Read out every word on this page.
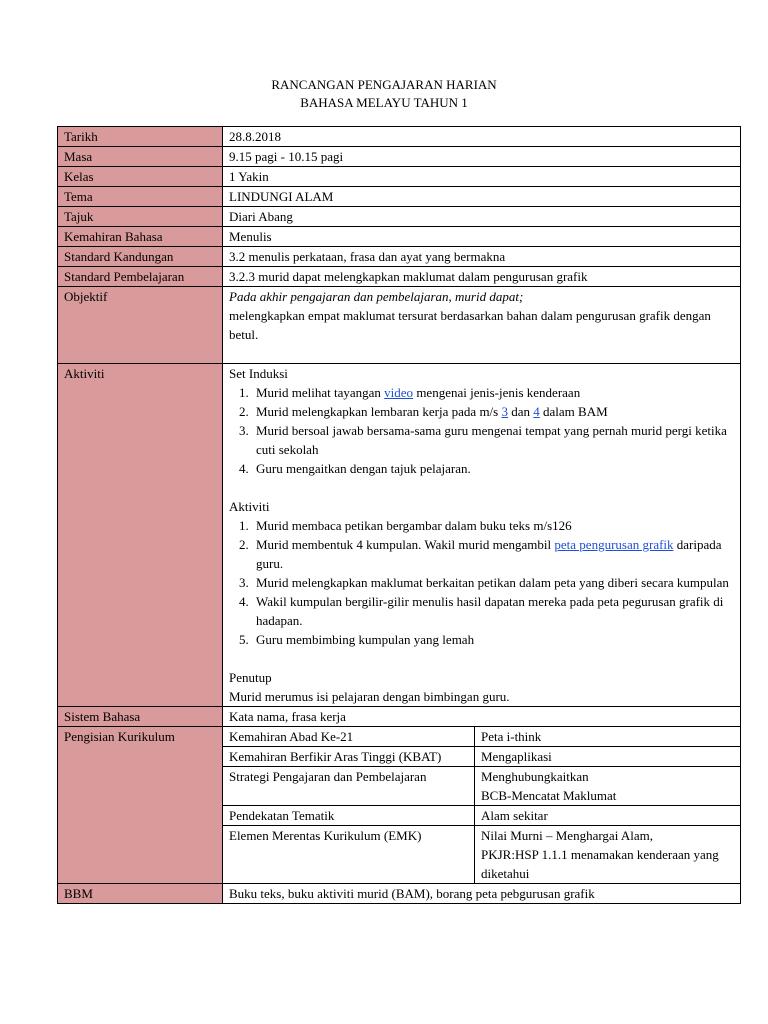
RANCANGAN PENGAJARAN HARIAN
BAHASA MELAYU TAHUN 1
Tarikh	28.8.2018
Masa	9.15 pagi - 10.15 pagi
Kelas	1 Yakin
Tema	LINDUNGI ALAM
Tajuk	Diari Abang
Kemahiran Bahasa	Menulis
Standard Kandungan	3.2 menulis perkataan, frasa dan ayat yang bermakna
Standard Pembelajaran	3.2.3 murid dapat melengkapkan maklumat dalam pengurusan grafik
Objektif	Pada akhir pengajaran dan pembelajaran, murid dapat;
melengkapkan empat maklumat tersurat berdasarkan bahan dalam pengurusan grafik dengan betul.

Aktiviti	Set Induksi
1. Murid melihat tayangan video mengenai jenis-jenis kenderaan
2. Murid melengkapkan lembaran kerja pada m/s 3 dan 4 dalam BAM
3. Murid bersoal jawab bersama-sama guru mengenai tempat yang pernah murid pergi ketika cuti sekolah
4. Guru mengaitkan dengan tajuk pelajaran.
Aktiviti
1. Murid membaca petikan bergambar dalam buku teks m/s126
2. Murid membentuk 4 kumpulan. Wakil murid mengambil peta pengurusan grafik daripada guru.
3. Murid melengkapkan maklumat berkaitan petikan dalam peta yang diberi secara kumpulan
4. Wakil kumpulan bergilir-gilir menulis hasil dapatan mereka pada peta pegurusan grafik di hadapan.
5. Guru membimbing kumpulan yang lemah
Penutup
Murid merumus isi pelajaran dengan bimbingan guru.

Sistem Bahasa	Kata nama, frasa kerja
Pengisian Kurikulum		Kemahiran Abad Ke-21	Peta i-think

Kemahiran Berfikir Aras Tinggi (KBAT)	Mengaplikasi

Strategi Pengajaran dan Pembelajaran	Menghubungkaitkan
BCB-Mencatat Maklumat

Pendekatan Tematik	Alam sekitar

Elemen Merentas Kurikulum (EMK)	Nilai Murni – Menghargai Alam,
PKJR:HSP 1.1.1 menamakan kenderaan yang diketahui

BBM	Buku teks, buku aktiviti murid (BAM), borang peta pebgurusan grafik
